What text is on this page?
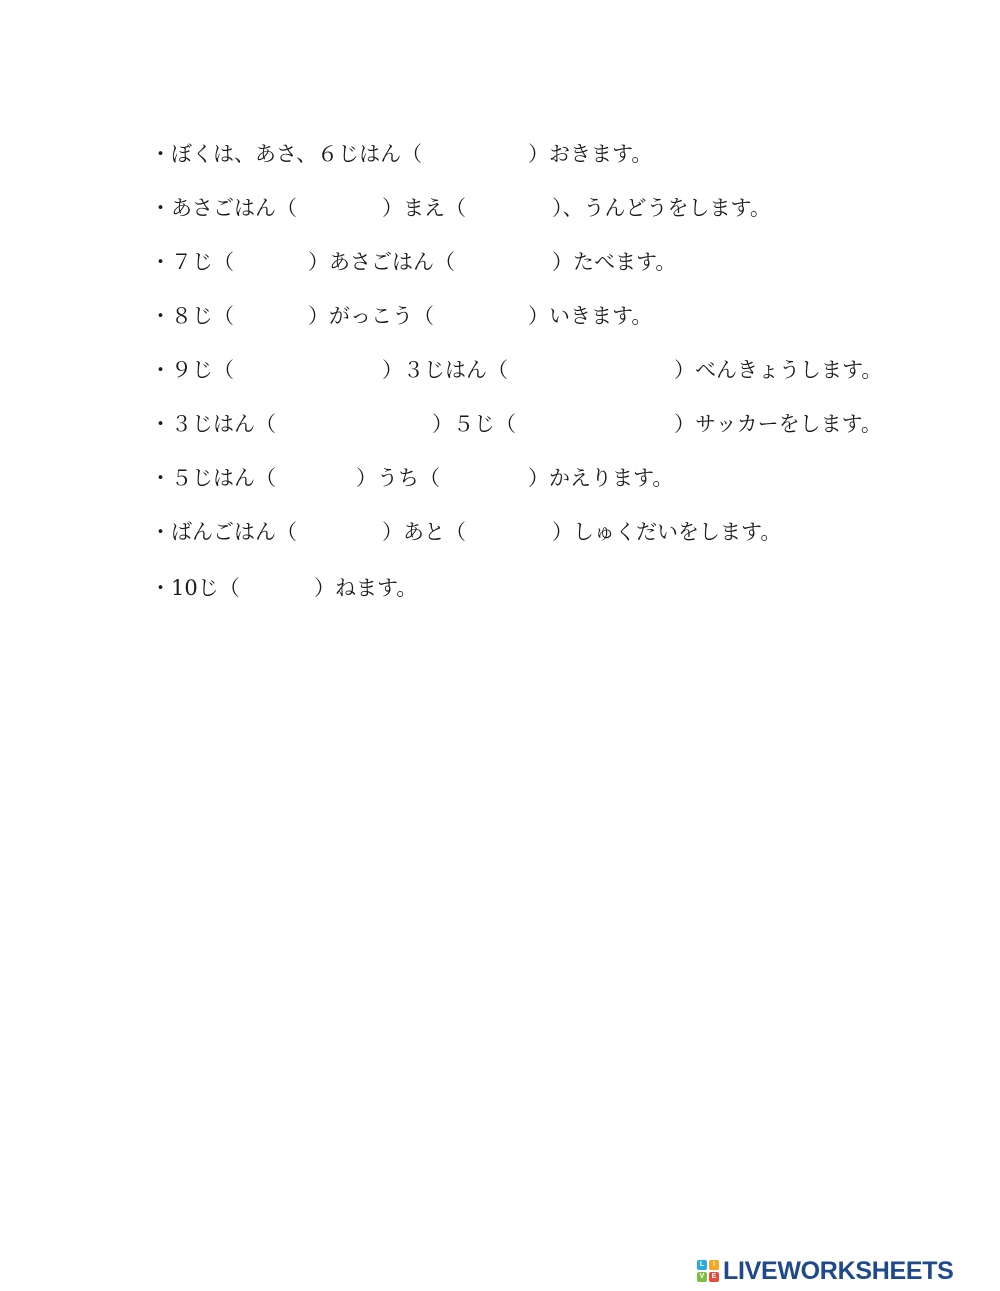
・ぼくは、あさ、６じはん（	）おきます。
・あさごはん（	）まえ（	）、うんどうをします。
・７じ（	）あさごはん（	）たべます。
・８じ（	）がっこう（	）いきます。
・９じ（	）３じはん（	）べんきょうします。
・３じはん（	）５じ（	）サッカーをします。
・５じはん（	）うち（	）かえります。
・ばんごはん（	）あと（	）しゅくだいをします。
・10じ（	）ねます。
L	I
V	E LIVEWORKSHEETS
